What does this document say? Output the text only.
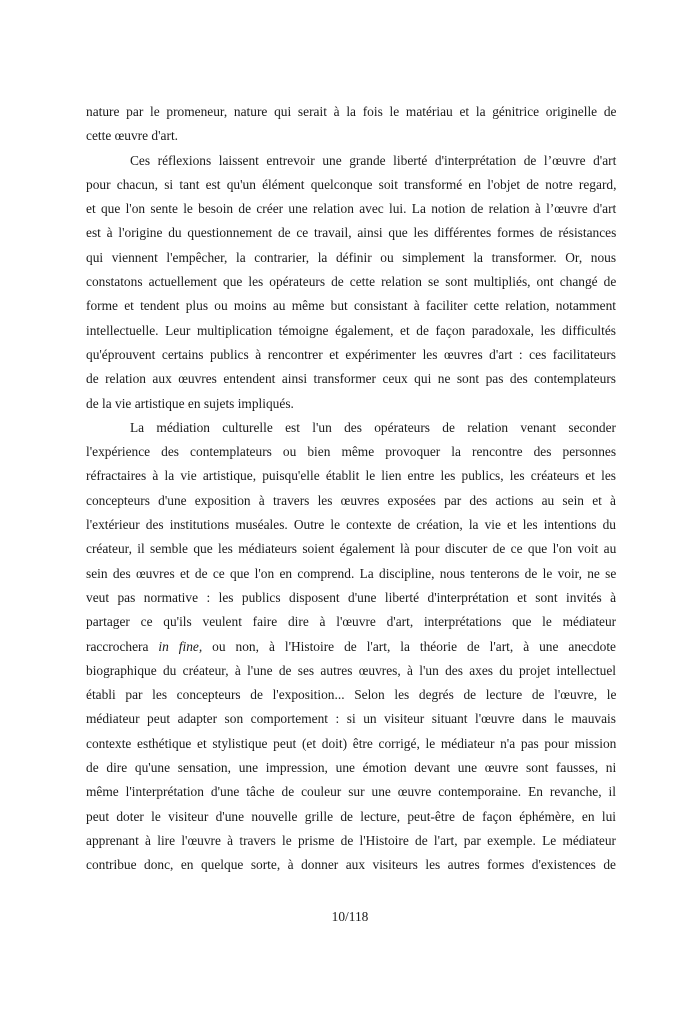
nature par le promeneur, nature qui serait à la fois le matériau et la génitrice originelle de
cette œuvre d'art.
Ces réflexions laissent entrevoir une grande liberté d'interprétation de l’œuvre d'art
pour chacun, si tant est qu'un élément quelconque soit transformé en l'objet de notre regard,
et que l'on sente le besoin de créer une relation avec lui. La notion de relation à l’œuvre d'art
est à l'origine du questionnement de ce travail, ainsi que les différentes formes de résistances
qui viennent l'empêcher, la contrarier, la définir ou simplement la transformer. Or, nous
constatons actuellement que les opérateurs de cette relation se sont multipliés, ont changé de
forme et tendent plus ou moins au même but consistant à faciliter cette relation, notamment
intellectuelle. Leur multiplication témoigne également, et de façon paradoxale, les difficultés
qu'éprouvent certains publics à rencontrer et expérimenter les œuvres d'art : ces facilitateurs
de relation aux œuvres entendent ainsi transformer ceux qui ne sont pas des contemplateurs
de la vie artistique en sujets impliqués.
La médiation culturelle est l'un des opérateurs de relation venant seconder
l'expérience des contemplateurs ou bien même provoquer la rencontre des personnes
réfractaires à la vie artistique, puisqu'elle établit le lien entre les publics, les créateurs et les
concepteurs d'une exposition à travers les œuvres exposées par des actions au sein et à
l'extérieur des institutions muséales. Outre le contexte de création, la vie et les intentions du
créateur, il semble que les médiateurs soient également là pour discuter de ce que l'on voit au
sein des œuvres et de ce que l'on en comprend. La discipline, nous tenterons de le voir, ne se
veut pas normative : les publics disposent d'une liberté d'interprétation et sont invités à
partager ce qu'ils veulent faire dire à l'œuvre d'art, interprétations que le médiateur
raccrochera in fine, ou non, à l'Histoire de l'art, la théorie de l'art, à une anecdote
biographique du créateur, à l'une de ses autres œuvres, à l'un des axes du projet intellectuel
établi par les concepteurs de l'exposition... Selon les degrés de lecture de l'œuvre, le
médiateur peut adapter son comportement : si un visiteur situant l'œuvre dans le mauvais
contexte esthétique et stylistique peut (et doit) être corrigé, le médiateur n'a pas pour mission
de dire qu'une sensation, une impression, une émotion devant une œuvre sont fausses, ni
même l'interprétation d'une tâche de couleur sur une œuvre contemporaine. En revanche, il
peut doter le visiteur d'une nouvelle grille de lecture, peut-être de façon éphémère, en lui
apprenant à lire l'œuvre à travers le prisme de l'Histoire de l'art, par exemple. Le médiateur
contribue donc, en quelque sorte, à donner aux visiteurs les autres formes d'existences de
10/118
